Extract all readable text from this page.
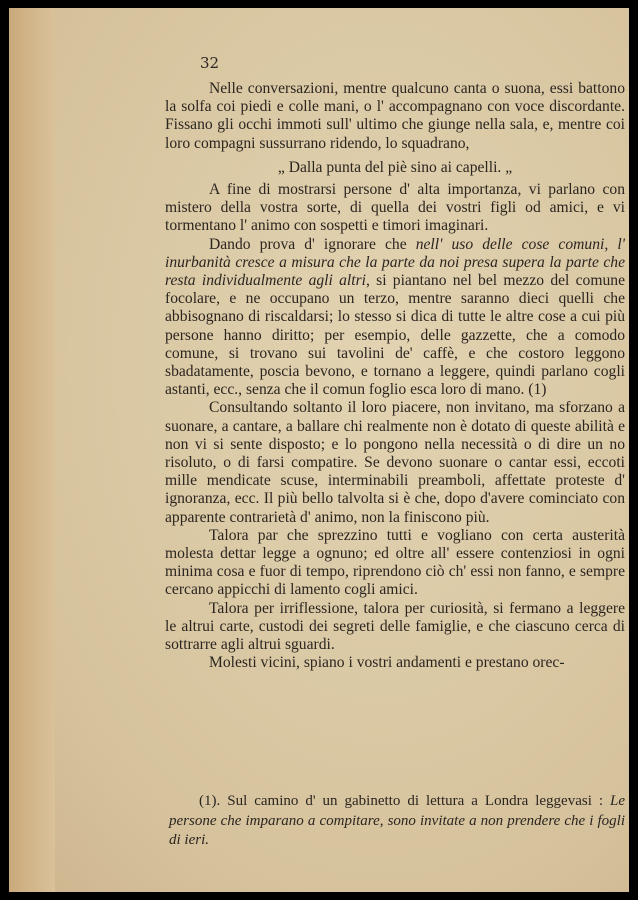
32

Nelle conversazioni, mentre qualcuno canta o suona, essi battono la solfa coi piedi e colle mani, o l' accompagnano con voce discordante. Fissano gli occhi immoti sull' ultimo che giunge nella sala, e, mentre coi loro compagni sussurrano ridendo, lo squadrano,

„ Dalla punta del piè sino ai capelli. „

A fine di mostrarsi persone d' alta importanza, vi parlano con mistero della vostra sorte, di quella dei vostri figli od amici, e vi tormentano l' animo con sospetti e timori imaginari.

Dando prova d' ignorare che nell' uso delle cose comuni, l' inurbanità cresce a misura che la parte da noi presa supera la parte che resta individualmente agli altri, si piantano nel bel mezzo del comune focolare, e ne occupano un terzo, mentre saranno dieci quelli che abbisognano di riscaldarsi; lo stesso si dica di tutte le altre cose a cui più persone hanno diritto; per esempio, delle gazzette, che a comodo comune, si trovano sui tavolini de' caffè, e che costoro leggono sbadatamente, poscia bevono, e tornano a leggere, quindi parlano cogli astanti, ecc., senza che il comun foglio esca loro di mano. (1)

Consultando soltanto il loro piacere, non invitano, ma sforzano a suonare, a cantare, a ballare chi realmente non è dotato di queste abilità e non vi si sente disposto; e lo pongono nella necessità o di dire un no risoluto, o di farsi compatire. Se devono suonare o cantar essi, eccoti mille mendicate scuse, interminabili preamboli, affettate proteste d' ignoranza, ecc. Il più bello talvolta si è che, dopo d'avere cominciato con apparente contrarietà d' animo, non la finiscono più.

Talora par che sprezzino tutti e vogliano con certa austerità molesta dettar legge a ognuno; ed oltre all' essere contenziosi in ogni minima cosa e fuor di tempo, riprendono ciò ch' essi non fanno, e sempre cercano appicchi di lamento cogli amici.

Talora per irriflessione, talora per curiosità, si fermano a leggere le altrui carte, custodi dei segreti delle famiglie, e che ciascuno cerca di sottrarre agli altrui sguardi.

Molesti vicini, spiano i vostri andamenti e prestano orec-

(1). Sul camino d' un gabinetto di lettura a Londra leggevasi : Le persone che imparano a compitare, sono invitate a non prendere che i fogli di ieri.
